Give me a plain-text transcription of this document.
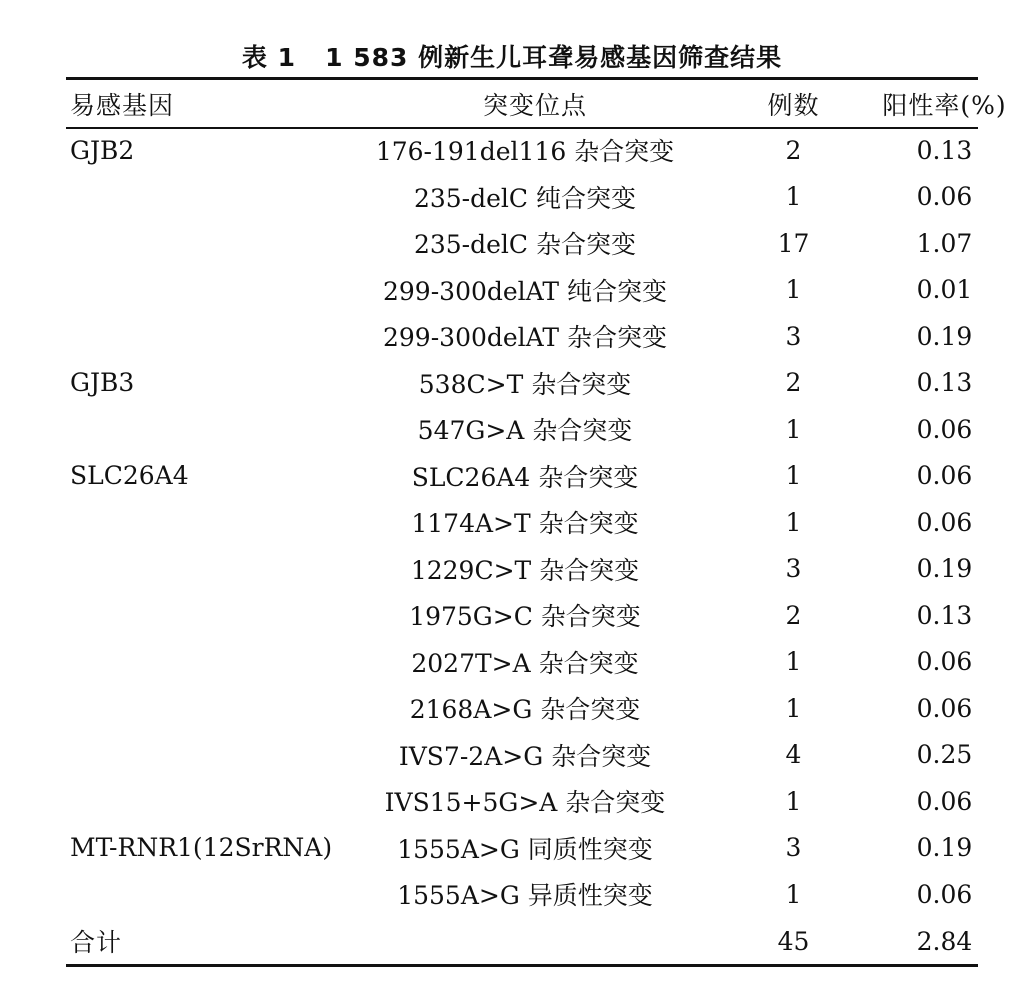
表 1   1 583 例新生儿耳聋易感基因筛查结果
易感基因	突变位点	例数	阳性率(%)
GJB2	176-191del116 杂合突变	2	0.13
	235-delC 纯合突变	1	0.06
	235-delC 杂合突变	17	1.07
	299-300delAT 纯合突变	1	0.01
	299-300delAT 杂合突变	3	0.19
GJB3	538C>T 杂合突变	2	0.13
	547G>A 杂合突变	1	0.06
SLC26A4	SLC26A4 杂合突变	1	0.06
	1174A>T 杂合突变	1	0.06
	1229C>T 杂合突变	3	0.19
	1975G>C 杂合突变	2	0.13
	2027T>A 杂合突变	1	0.06
	2168A>G 杂合突变	1	0.06
	IVS7-2A>G 杂合突变	4	0.25
	IVS15+5G>A 杂合突变	1	0.06
MT-RNR1(12SrRNA)	1555A>G 同质性突变	3	0.19
	1555A>G 异质性突变	1	0.06
合计		45	2.84
